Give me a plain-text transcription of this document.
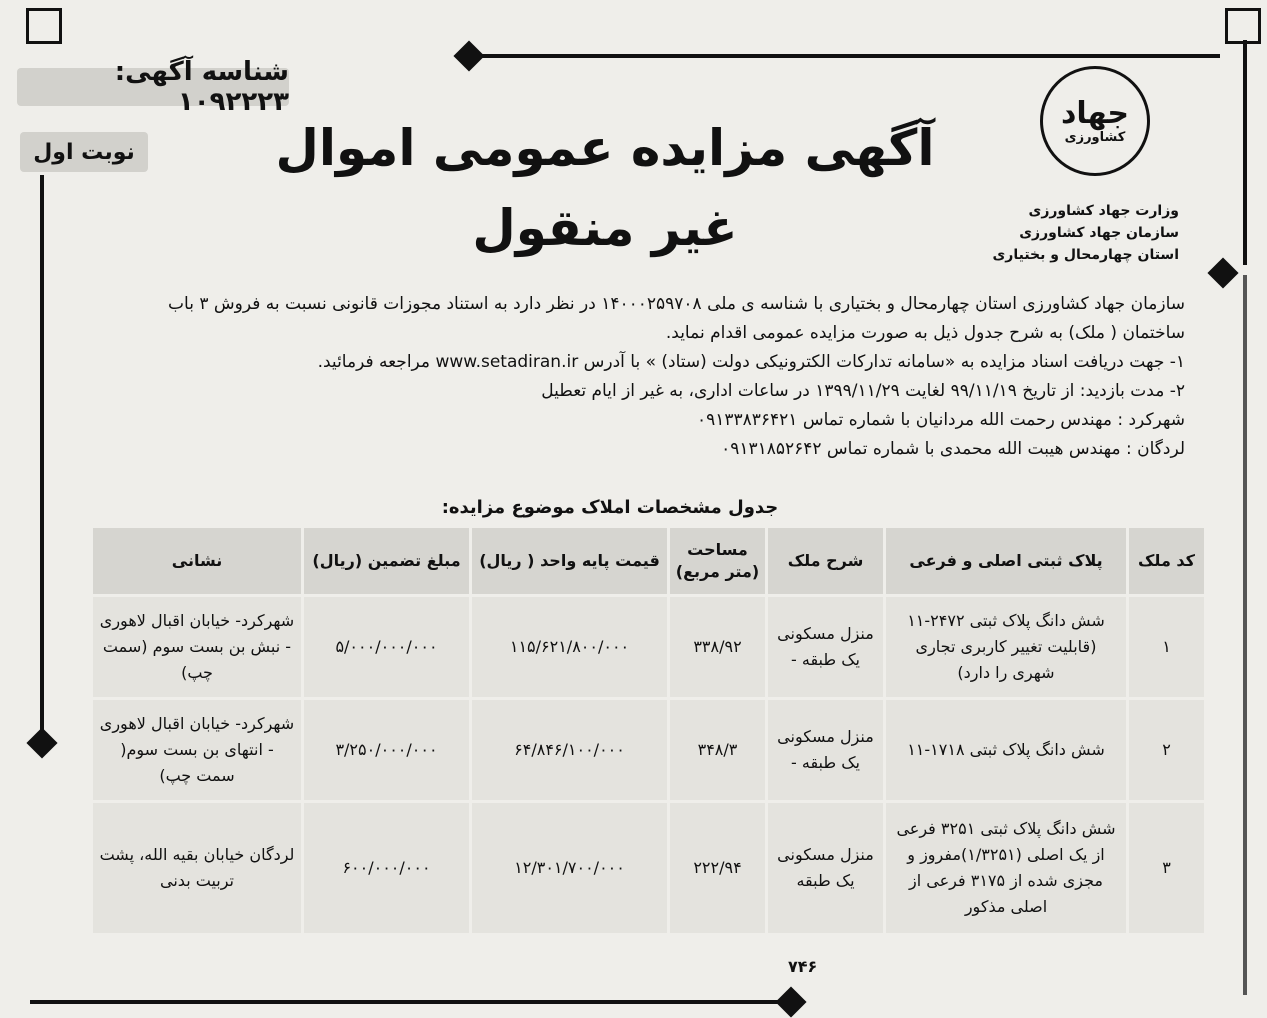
شناسه آگهی: ۱۰۹۲۲۲۳
نوبت اول	آگهی مزایده عمومی اموال غیر منقول
جهاد
کشاورزی
وزارت جهاد کشاورزی
سازمان جهاد کشاورزی
استان چهارمحال و بختیاری

سازمان جهاد کشاورزی استان چهارمحال و بختیاری با شناسه ی ملی ۱۴۰۰۰۲۵۹۷۰۸ در نظر دارد به استناد مجوزات قانونی نسبت به فروش ۳ باب

ساختمان ( ملک) به شرح جدول ذیل به صورت مزایده عمومی اقدام نماید.

۱- جهت دریافت اسناد مزایده به «سامانه تدارکات الکترونیکی دولت (ستاد) » با آدرس www.setadiran.ir مراجعه فرمائید.

۲- مدت بازدید: از تاریخ ۹۹/۱۱/۱۹ لغایت ۱۳۹۹/۱۱/۲۹ در ساعات اداری، به غیر از ایام تعطیل

شهرکرد : مهندس رحمت الله مردانیان با شماره تماس ۰۹۱۳۳۸۳۶۴۲۱

لردگان : مهندس هیبت الله محمدی با شماره تماس ۰۹۱۳۱۸۵۲۶۴۲

جدول مشخصات املاک موضوع مزایده:
کد ملک	پلاک ثبتی اصلی و فرعی	شرح ملک	مساحت (متر مربع)	قیمت پایه واحد ( ریال)	مبلغ تضمین (ریال)	نشانی
۱	شش دانگ پلاک ثبتی ۲۴۷۲-۱۱ (قابلیت تغییر کاربری تجاری شهری را دارد)	منزل مسکونی یک طبقه -	۳۳۸/۹۲	۱۱۵/۶۲۱/۸۰۰/۰۰۰	۵/۰۰۰/۰۰۰/۰۰۰	شهرکرد- خیابان اقبال لاهوری - نبش بن بست سوم (سمت چپ)
۲	شش دانگ پلاک ثبتی ۱۷۱۸-۱۱	منزل مسکونی یک طبقه -	۳۴۸/۳	۶۴/۸۴۶/۱۰۰/۰۰۰	۳/۲۵۰/۰۰۰/۰۰۰	شهرکرد- خیابان اقبال لاهوری - انتهای بن بست سوم( سمت چپ)
۳	شش دانگ پلاک ثبتی ۳۲۵۱ فرعی از یک اصلی (۱/۳۲۵۱)مفروز و مجزی شده از ۳۱۷۵ فرعی از اصلی مذکور	منزل مسکونی یک طبقه	۲۲۲/۹۴	۱۲/۳۰۱/۷۰۰/۰۰۰	۶۰۰/۰۰۰/۰۰۰	لردگان خیابان بقیه الله، پشت تربیت بدنی
۷۴۶
